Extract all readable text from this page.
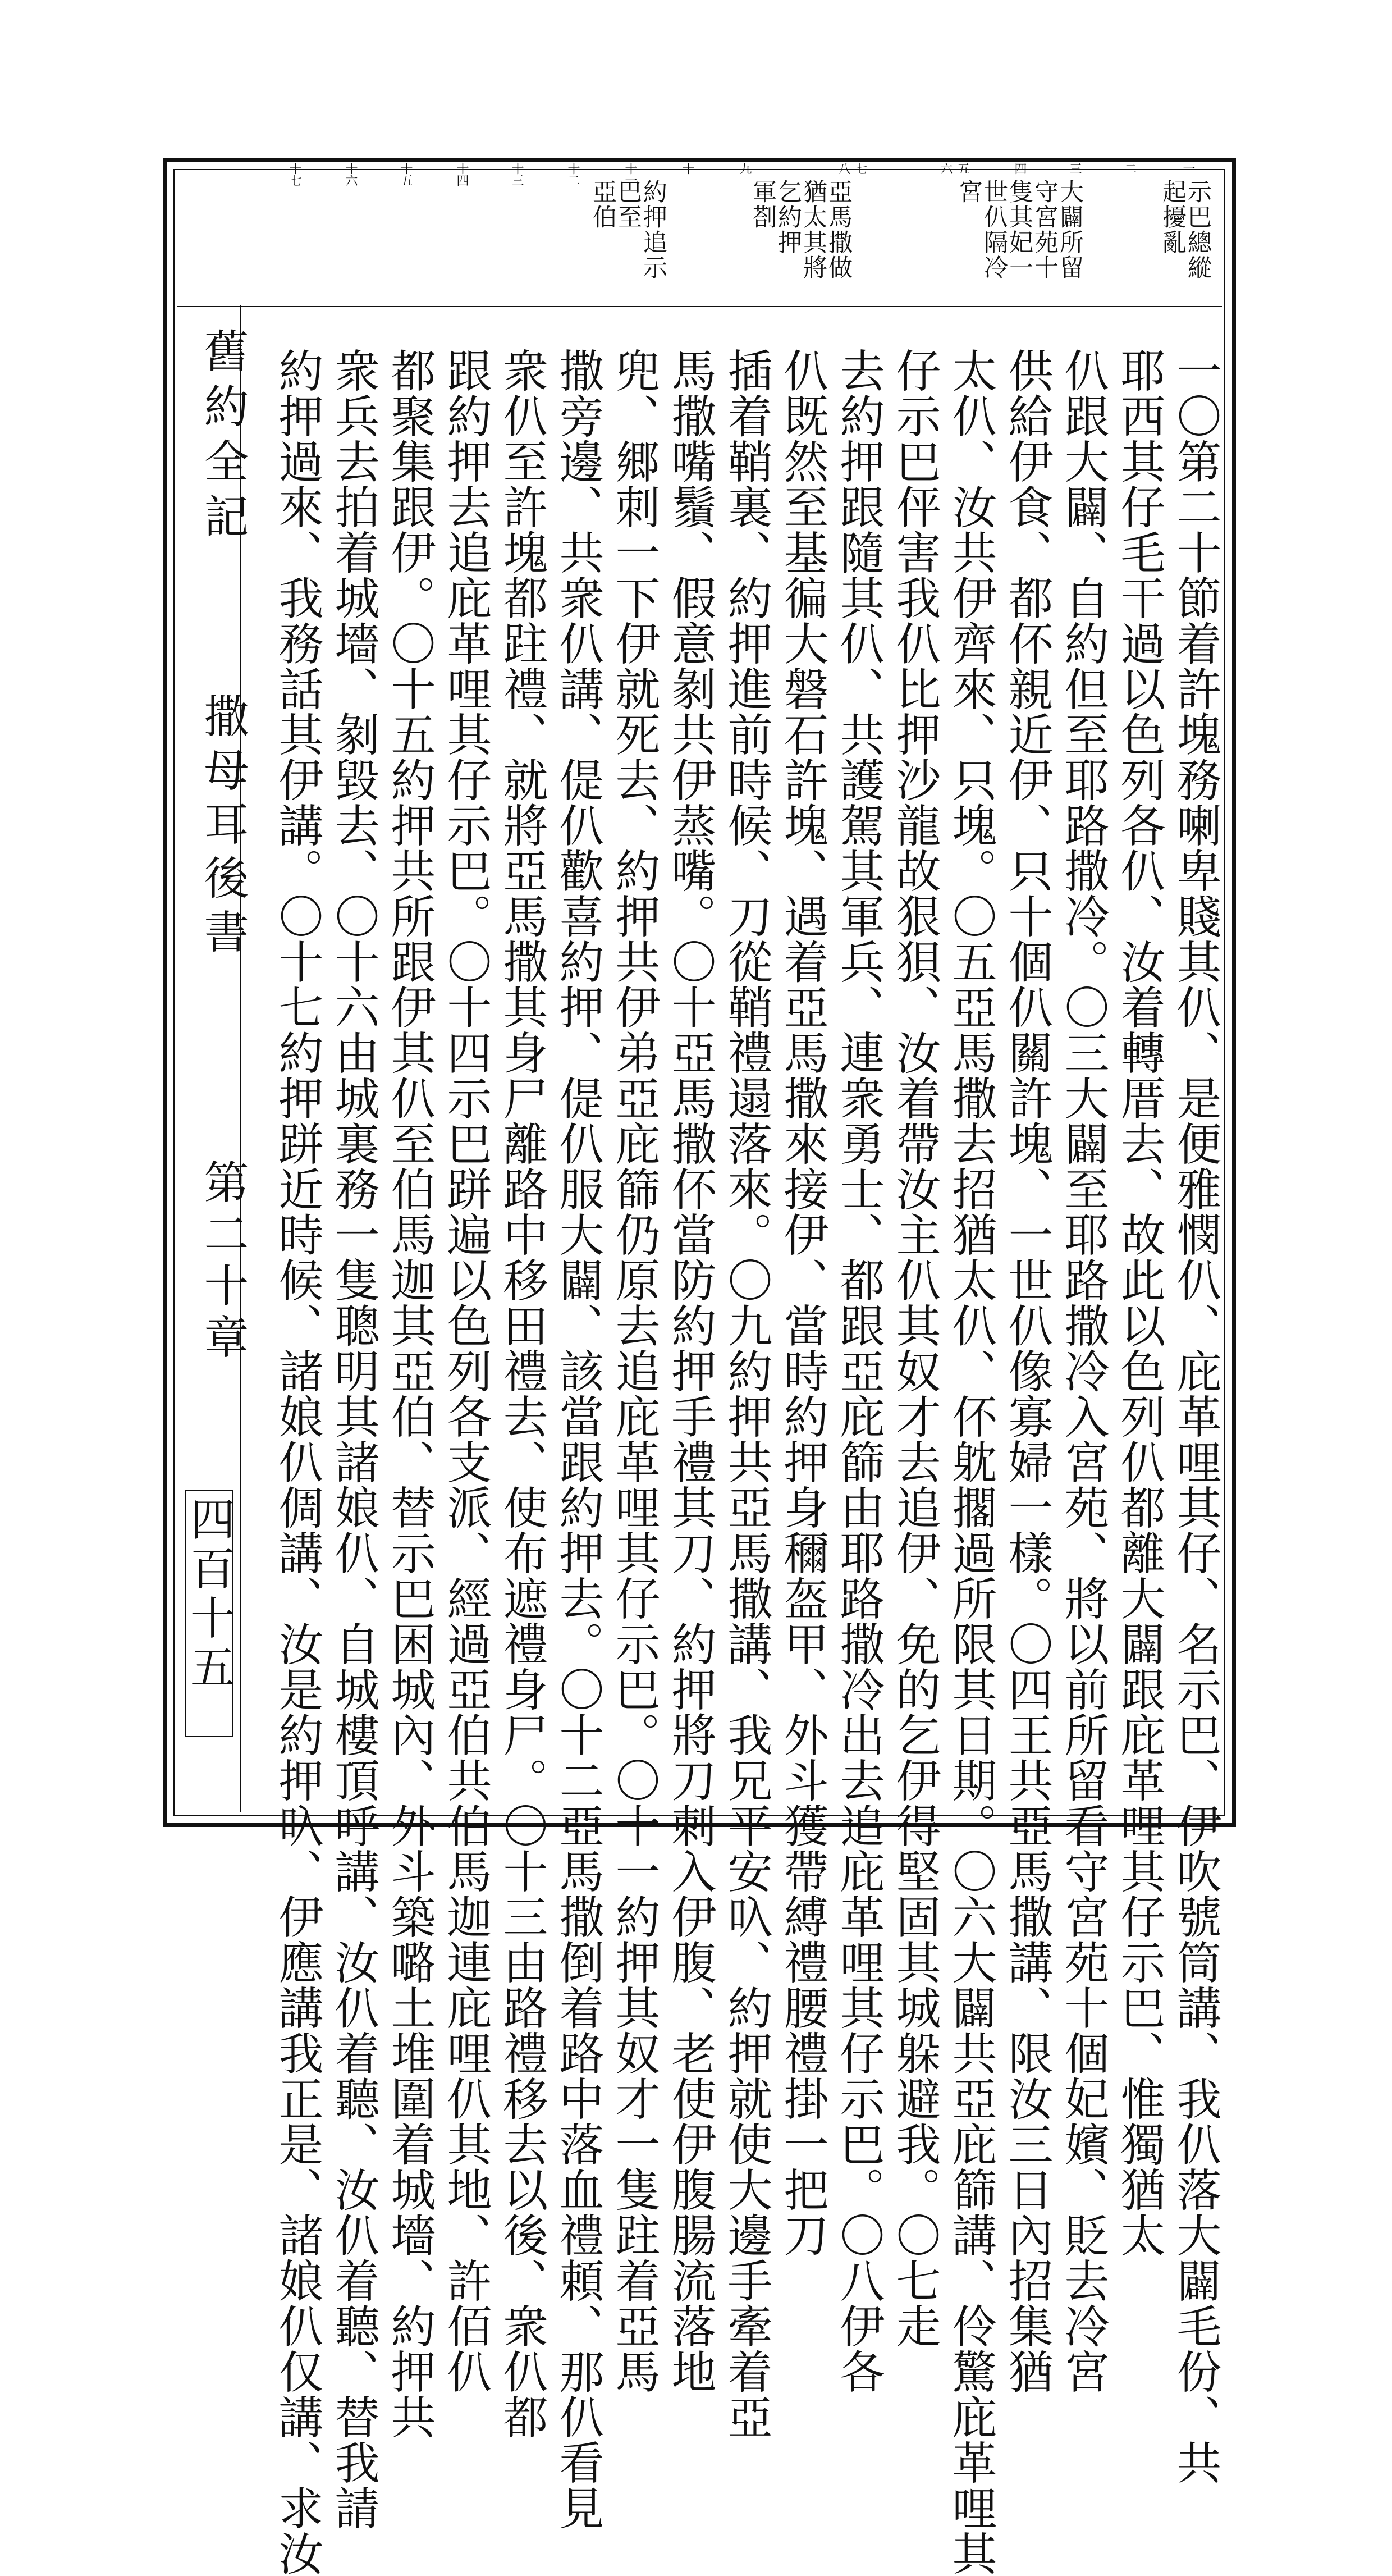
舊約全記
撒母耳後書
第二十章
四百十五
示巴總縱
起擾亂
大闢所留
守宮苑十
隻其妃一
世仈隔冷
宮
亞馬撒做
猶太其將
乞約押
軍剳
約押追示
巴至
亞伯
一
二
三
四
五
六
七
八
九
十
十一
十二
十三
十四
十五
十六
十七
一〇第二十節着許塊務喇卑賤其仈、是便雅憫仈、庇革哩其仔、名示巴、伊吹號筒講、我仈落大闢毛份、共
耶西其仔毛干過以色列各仈、汝着轉厝去、故此以色列仈都離大闢跟庇革哩其仔示巴、惟獨猶太
仈跟大闢、自約但至耶路撒冷。〇三大闢至耶路撒冷入宮苑、將以前所留看守宮苑十個妃嬪、貶去冷宮
供給伊食、都伓親近伊、只十個仈關許塊、一世仈像寡婦一樣。〇四王共亞馬撒講、限汝三日內招集猶
太仈、汝共伊齊來、只塊。〇五亞馬撒去招猶太仈、伓躭擱過所限其日期。〇六大闢共亞庇篩講、伶驚庇革哩其
仔示巴伻害我仈比押沙龍故狠狽、汝着帶汝主仈其奴才去追伊、免的乞伊得堅固其城躲避我。〇七走
去約押跟隨其仈、共護駕其軍兵、連衆勇士、都跟亞庇篩由耶路撒冷出去追庇革哩其仔示巴。〇八伊各
仈既然至基徧大磐石許塊、遇着亞馬撒來接伊、當時約押身穪盔甲、外斗獲帶縛禮腰禮掛一把刀
插着鞘裏、約押進前時候、刀從鞘禮遢落來。〇九約押共亞馬撒講、我兄平安叺、約押就使大邊手牽着亞
馬撒嘴鬚、假意剶共伊蒸嘴。〇十亞馬撒伓當防約押手禮其刀、約押將刀刺入伊腹、老使伊腹腸流落地
兜、郷刺一下伊就死去、約押共伊弟亞庇篩仍原去追庇革哩其仔示巴。〇十一約押其奴才一隻跓着亞馬
撒旁邊、共衆仈講、偍仈歡喜約押、偍仈服大闢、該當跟約押去。〇十二亞馬撒倒着路中落血禮頼、那仈看見
衆仈至許塊都跓禮、就將亞馬撒其身尸離路中移田禮去、使布遮禮身尸。〇十三由路禮移去以後、衆仈都
跟約押去追庇革哩其仔示巴。〇十四示巴跰遍以色列各支派、經過亞伯共伯馬迦連庇哩仈其地、許佰仈
都聚集跟伊。〇十五約押共所跟伊其仈至伯馬迦其亞伯、替示巴困城內、外斗築𡀔土堆圍着城墻、約押共
衆兵去拍着城墻、剶毀去、〇十六由城裏務一隻聰明其諸娘仈、自城樓頂呼講、汝仈着聽、汝仈着聽、替我請
約押過來、我務話其伊講。〇十七約押跰近時候、諸娘仈倜講、汝是約押叺、伊應講我正是、諸娘仈仅講、求汝
